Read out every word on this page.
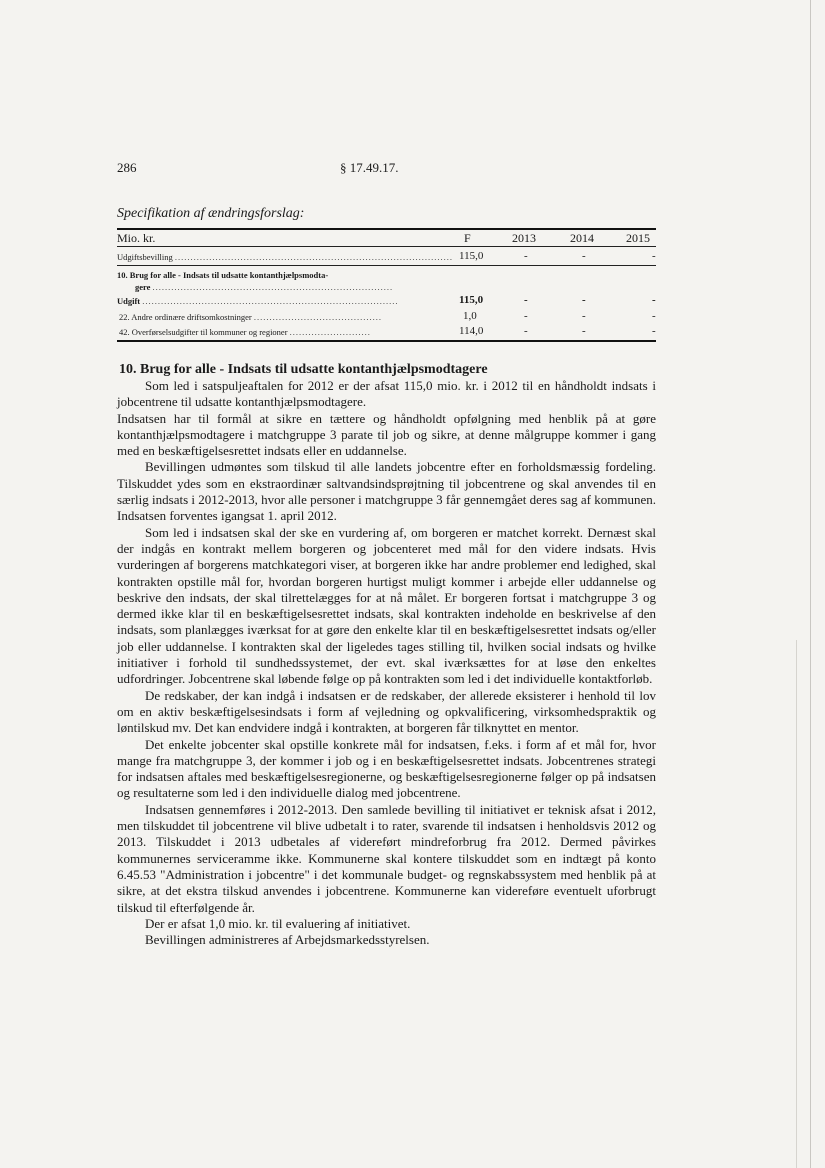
286	§ 17.49.17.
Specifikation af ændringsforslag:
Mio. kr.	F	2013	2014	2015
Udgiftsbevilling ......................................................................................... 115,0	-	-	-
10. Brug for alle - Indsats til udsatte kontanthjælpsmodta-
gere .............................................................................
Udgift ..................................................................................	115,0	-	-	-
22. Andre ordinære driftsomkostninger .........................................	1,0	-	-	-
42. Overførselsudgifter til kommuner og regioner ..........................	114,0	-	-	-
10. Brug for alle - Indsats til udsatte kontanthjælpsmodtagere

Som led i satspuljeaftalen for 2012 er der afsat 115,0 mio. kr. i 2012 til en håndholdt indsats i jobcentrene til udsatte kontanthjælpsmodtagere.

Indsatsen har til formål at sikre en tættere og håndholdt opfølgning med henblik på at gøre kontanthjælpsmodtagere i matchgruppe 3 parate til job og sikre, at denne målgruppe kommer i gang med en beskæftigelsesrettet indsats eller en uddannelse.

Bevillingen udmøntes som tilskud til alle landets jobcentre efter en forholdsmæssig fordeling. Tilskuddet ydes som en ekstraordinær saltvandsindsprøjtning til jobcentrene og skal anvendes til en særlig indsats i 2012-2013, hvor alle personer i matchgruppe 3 får gennemgået deres sag af kommunen. Indsatsen forventes igangsat 1. april 2012.

Som led i indsatsen skal der ske en vurdering af, om borgeren er matchet korrekt. Dernæst skal der indgås en kontrakt mellem borgeren og jobcenteret med mål for den videre indsats. Hvis vurderingen af borgerens matchkategori viser, at borgeren ikke har andre problemer end ledighed, skal kontrakten opstille mål for, hvordan borgeren hurtigst muligt kommer i arbejde eller uddannelse og beskrive den indsats, der skal tilrettelægges for at nå målet. Er borgeren fortsat i matchgruppe 3 og dermed ikke klar til en beskæftigelsesrettet indsats, skal kontrakten indeholde en beskrivelse af den indsats, som planlægges iværksat for at gøre den enkelte klar til en beskæftigelsesrettet indsats og/eller job eller uddannelse. I kontrakten skal der ligeledes tages stilling til, hvilken social indsats og hvilke initiativer i forhold til sundhedssystemet, der evt. skal iværksættes for at løse den enkeltes udfordringer. Jobcentrene skal løbende følge op på kontrakten som led i det individuelle kontaktforløb.

De redskaber, der kan indgå i indsatsen er de redskaber, der allerede eksisterer i henhold til lov om en aktiv beskæftigelsesindsats i form af vejledning og opkvalificering, virksomhedspraktik og løntilskud mv. Det kan endvidere indgå i kontrakten, at borgeren får tilknyttet en mentor.

Det enkelte jobcenter skal opstille konkrete mål for indsatsen, f.eks. i form af et mål for, hvor mange fra matchgruppe 3, der kommer i job og i en beskæftigelsesrettet indsats. Jobcentrenes strategi for indsatsen aftales med beskæftigelsesregionerne, og beskæftigelsesregionerne følger op på indsatsen og resultaterne som led i den individuelle dialog med jobcentrene.

Indsatsen gennemføres i 2012-2013. Den samlede bevilling til initiativet er teknisk afsat i 2012, men tilskuddet til jobcentrene vil blive udbetalt i to rater, svarende til indsatsen i henholdsvis 2012 og 2013. Tilskuddet i 2013 udbetales af videreført mindreforbrug fra 2012. Dermed påvirkes kommunernes serviceramme ikke. Kommunerne skal kontere tilskuddet som en indtægt på konto 6.45.53 "Administration i jobcentre" i det kommunale budget- og regnskabssystem med henblik på at sikre, at det ekstra tilskud anvendes i jobcentrene. Kommunerne kan videreføre eventuelt uforbrugt tilskud til efterfølgende år.

Der er afsat 1,0 mio. kr. til evaluering af initiativet.

Bevillingen administreres af Arbejdsmarkedsstyrelsen.
